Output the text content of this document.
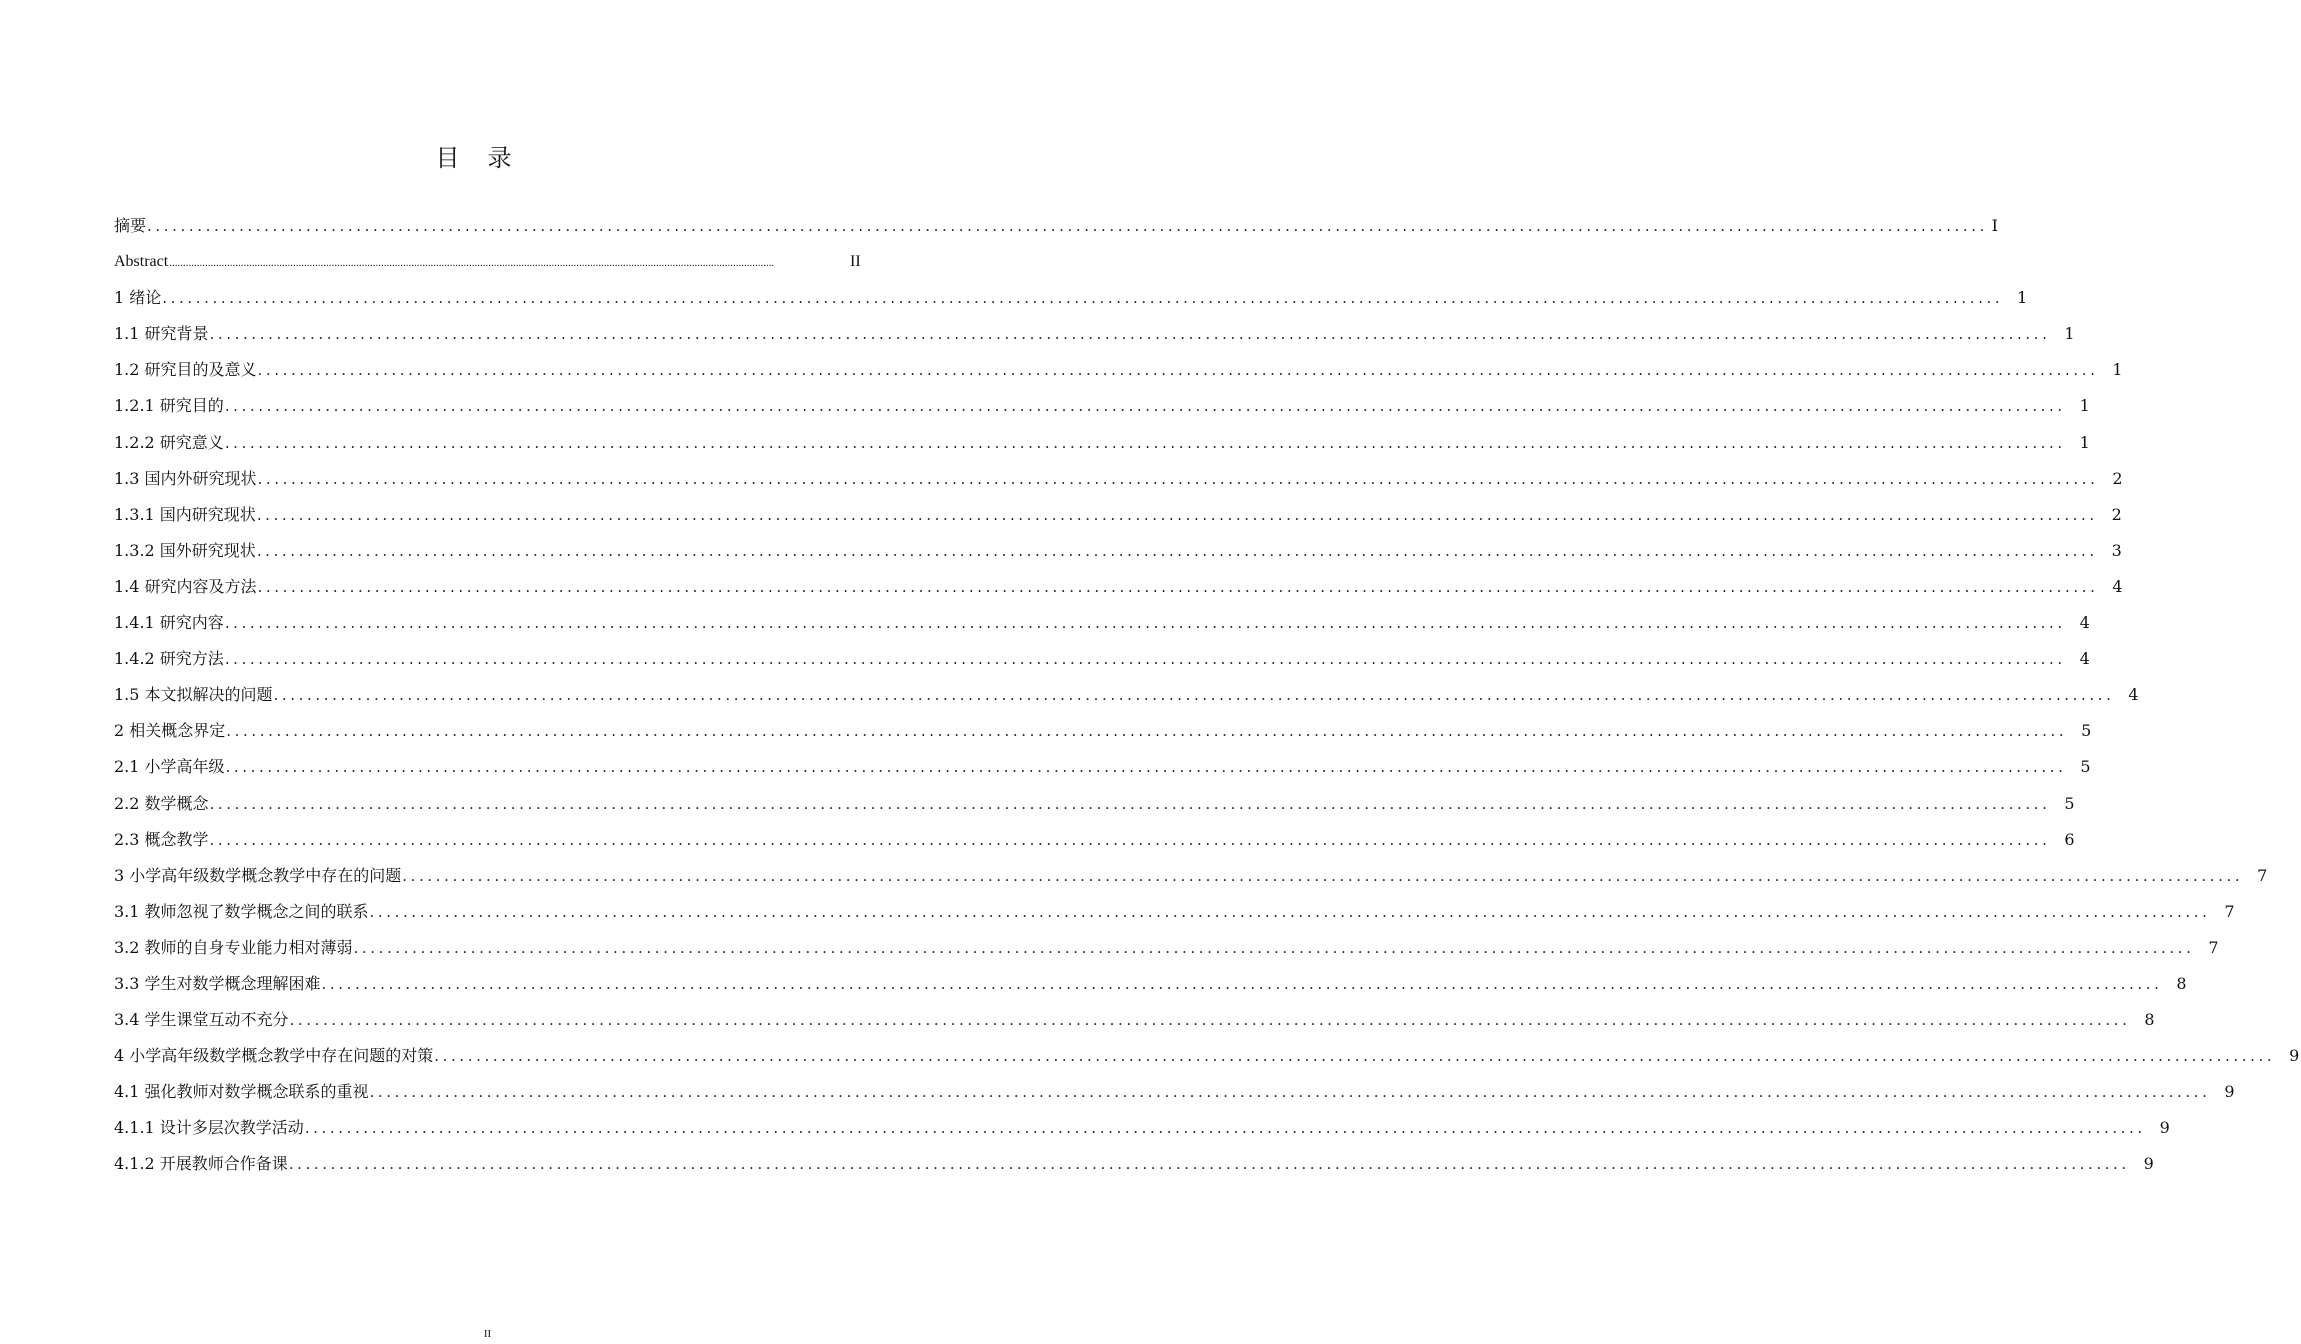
目录
摘要 ............................................................................................................................................................................................................................ I
Abstract ............................................................................................................................................................................................................................	II
1 绪论 ............................................................................................................................................................................................................................ 1
1.1 研究背景 ............................................................................................................................................................................................................................ 1
1.2 研究目的及意义 ............................................................................................................................................................................................................................ 1
1.2.1 研究目的 ............................................................................................................................................................................................................................ 1
1.2.2 研究意义 ............................................................................................................................................................................................................................ 1
1.3 国内外研究现状 ............................................................................................................................................................................................................................ 2
1.3.1 国内研究现状 ............................................................................................................................................................................................................................ 2
1.3.2 国外研究现状 ............................................................................................................................................................................................................................ 3
1.4 研究内容及方法 ............................................................................................................................................................................................................................ 4
1.4.1 研究内容 ............................................................................................................................................................................................................................ 4
1.4.2 研究方法 ............................................................................................................................................................................................................................ 4
1.5 本文拟解决的问题 ............................................................................................................................................................................................................................ 4
2 相关概念界定 ............................................................................................................................................................................................................................ 5
2.1 小学高年级 ............................................................................................................................................................................................................................ 5
2.2 数学概念 ............................................................................................................................................................................................................................ 5
2.3 概念教学 ............................................................................................................................................................................................................................ 6
3 小学高年级数学概念教学中存在的问题 ............................................................................................................................................................................................................................ 7
3.1 教师忽视了数学概念之间的联系 ............................................................................................................................................................................................................................ 7
3.2 教师的自身专业能力相对薄弱 ............................................................................................................................................................................................................................ 7
3.3 学生对数学概念理解困难 ............................................................................................................................................................................................................................ 8
3.4 学生课堂互动不充分 ............................................................................................................................................................................................................................ 8
4 小学高年级数学概念教学中存在问题的对策 ............................................................................................................................................................................................................................ 9
4.1 强化教师对数学概念联系的重视 ............................................................................................................................................................................................................................ 9
4.1.1 设计多层次教学活动 ............................................................................................................................................................................................................................ 9
4.1.2 开展教师合作备课 ............................................................................................................................................................................................................................ 9
II
